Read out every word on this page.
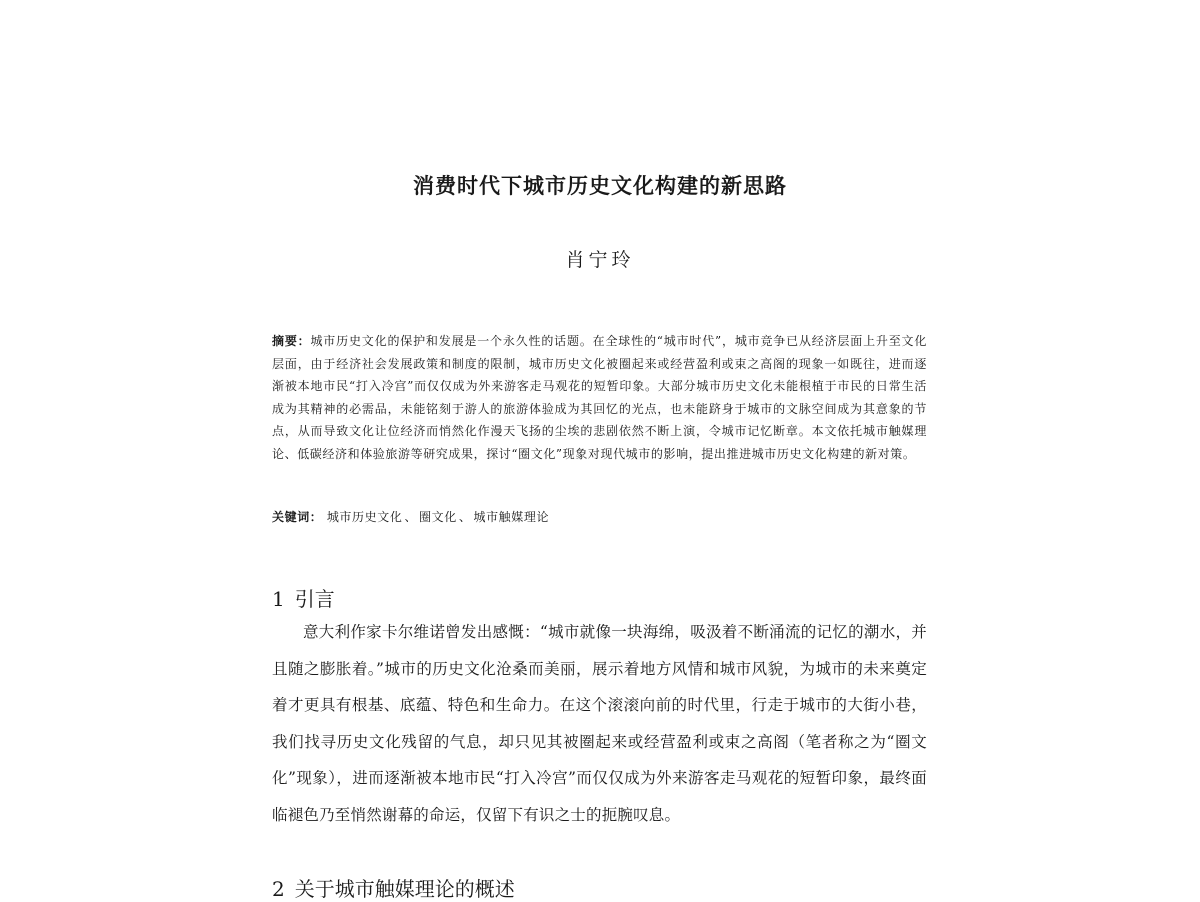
消费时代下城市历史文化构建的新思路
肖宁玲

摘要：城市历史文化的保护和发展是一个永久性的话题。在全球性的“城市时代”，城市竞争已从经济层面上升至文化层面，由于经济社会发展政策和制度的限制，城市历史文化被圈起来或经营盈利或束之高阁的现象一如既往，进而逐渐被本地市民“打入冷宫”而仅仅成为外来游客走马观花的短暂印象。大部分城市历史文化未能根植于市民的日常生活成为其精神的必需品，未能铭刻于游人的旅游体验成为其回忆的光点，也未能跻身于城市的文脉空间成为其意象的节点，从而导致文化让位经济而悄然化作漫天飞扬的尘埃的悲剧依然不断上演，令城市记忆断章。本文依托城市触媒理论、低碳经济和体验旅游等研究成果，探讨“圈文化”现象对现代城市的影响，提出推进城市历史文化构建的新对策。

关键词： 城市历史文化 、 圈文化 、 城市触媒理论

1 引言

意大利作家卡尔维诺曾发出感慨：“城市就像一块海绵，吸汲着不断涌流的记忆的潮水，并且随之膨胀着。”城市的历史文化沧桑而美丽，展示着地方风情和城市风貌，为城市的未来奠定着才更具有根基、底蕴、特色和生命力。在这个滚滚向前的时代里，行走于城市的大街小巷，我们找寻历史文化残留的气息，却只见其被圈起来或经营盈利或束之高阁（笔者称之为“圈文化”现象），进而逐渐被本地市民“打入冷宫”而仅仅成为外来游客走马观花的短暂印象，最终面临褪色乃至悄然谢幕的命运，仅留下有识之士的扼腕叹息。

2 关于城市触媒理论的概述
